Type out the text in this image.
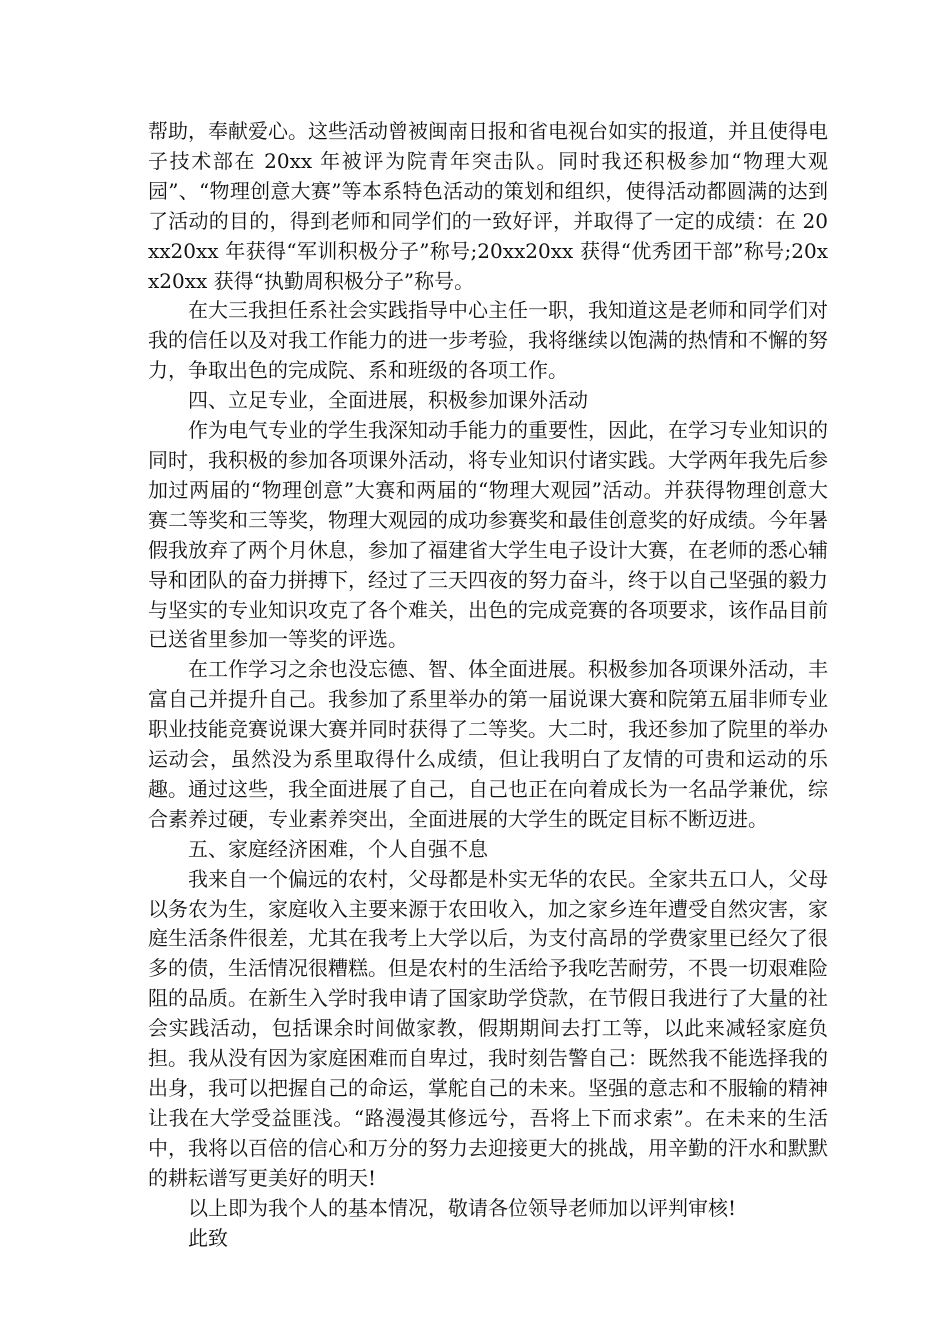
帮助，奉献爱心。这些活动曾被闽南日报和省电视台如实的报道，并且使得电子技术部在 20xx 年被评为院青年突击队。同时我还积极参加“物理大观园”、“物理创意大赛”等本系特色活动的策划和组织，使得活动都圆满的达到了活动的目的，得到老师和同学们的一致好评，并取得了一定的成绩：在 20xx20xx 年获得“军训积极分子”称号;20xx20xx 获得“优秀团干部”称号;20xx20xx 获得“执勤周积极分子”称号。

在大三我担任系社会实践指导中心主任一职，我知道这是老师和同学们对我的信任以及对我工作能力的进一步考验，我将继续以饱满的热情和不懈的努力，争取出色的完成院、系和班级的各项工作。

四、立足专业，全面进展，积极参加课外活动

作为电气专业的学生我深知动手能力的重要性，因此，在学习专业知识的同时，我积极的参加各项课外活动，将专业知识付诸实践。大学两年我先后参加过两届的“物理创意”大赛和两届的“物理大观园”活动。并获得物理创意大赛二等奖和三等奖，物理大观园的成功参赛奖和最佳创意奖的好成绩。今年暑假我放弃了两个月休息，参加了福建省大学生电子设计大赛，在老师的悉心辅导和团队的奋力拼搏下，经过了三天四夜的努力奋斗，终于以自己坚强的毅力与坚实的专业知识攻克了各个难关，出色的完成竞赛的各项要求，该作品目前已送省里参加一等奖的评选。

在工作学习之余也没忘德、智、体全面进展。积极参加各项课外活动，丰富自己并提升自己。我参加了系里举办的第一届说课大赛和院第五届非师专业职业技能竞赛说课大赛并同时获得了二等奖。大二时，我还参加了院里的举办运动会，虽然没为系里取得什么成绩，但让我明白了友情的可贵和运动的乐趣。通过这些，我全面进展了自己，自己也正在向着成长为一名品学兼优，综合素养过硬，专业素养突出，全面进展的大学生的既定目标不断迈进。

五、家庭经济困难，个人自强不息

我来自一个偏远的农村，父母都是朴实无华的农民。全家共五口人，父母以务农为生，家庭收入主要来源于农田收入，加之家乡连年遭受自然灾害，家庭生活条件很差，尤其在我考上大学以后，为支付高昂的学费家里已经欠了很多的债，生活情况很糟糕。但是农村的生活给予我吃苦耐劳，不畏一切艰难险阻的品质。在新生入学时我申请了国家助学贷款，在节假日我进行了大量的社会实践活动，包括课余时间做家教，假期期间去打工等，以此来减轻家庭负担。我从没有因为家庭困难而自卑过，我时刻告警自己：既然我不能选择我的出身，我可以把握自己的命运，掌舵自己的未来。坚强的意志和不服输的精神让我在大学受益匪浅。“路漫漫其修远兮，吾将上下而求索”。在未来的生活中，我将以百倍的信心和万分的努力去迎接更大的挑战，用辛勤的汗水和默默的耕耘谱写更美好的明天!

以上即为我个人的基本情况，敬请各位领导老师加以评判审核!

此致
